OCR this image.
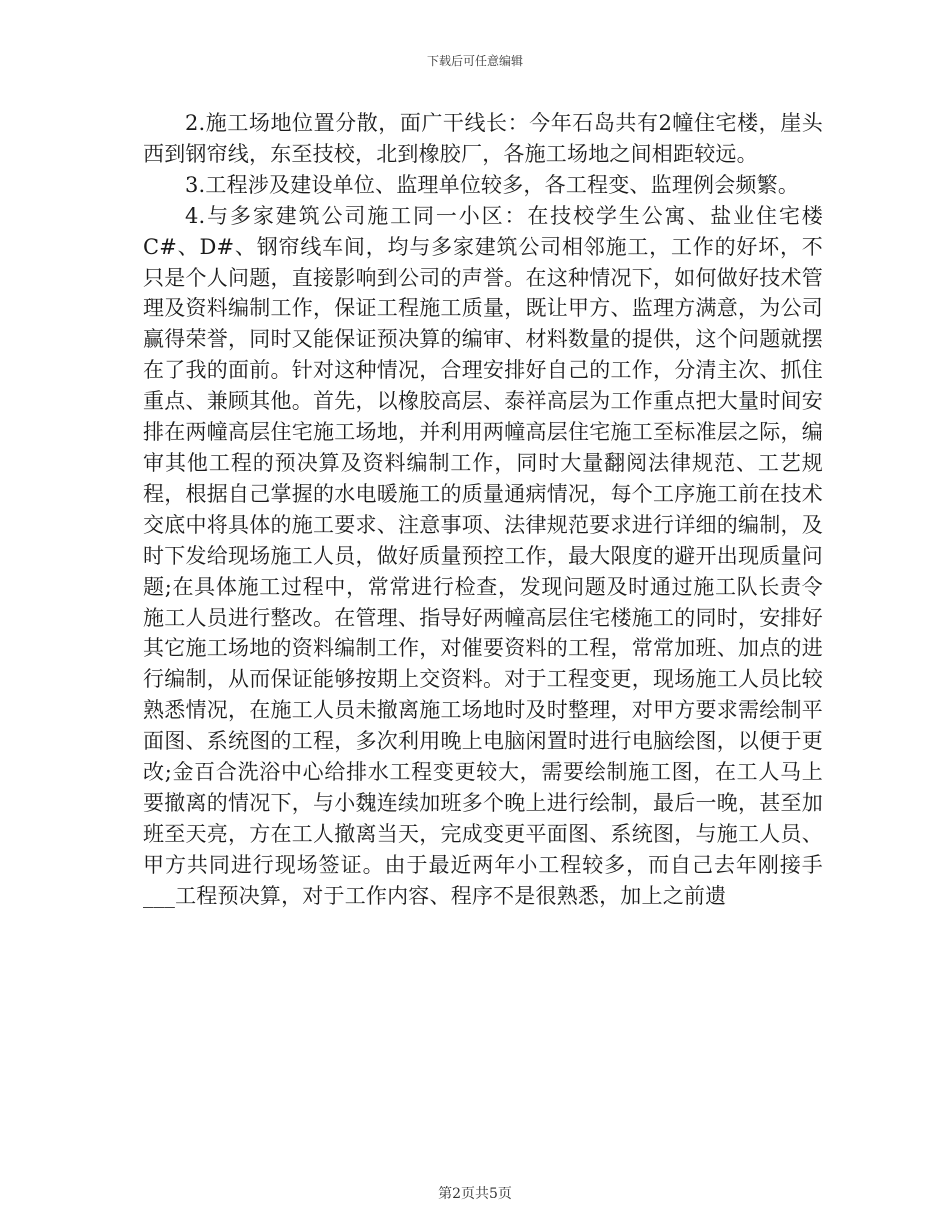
下载后可任意编辑

2.施工场地位置分散，面广干线长：今年石岛共有2幢住宅楼，崖头西到钢帘线，东至技校，北到橡胶厂，各施工场地之间相距较远。

3.工程涉及建设单位、监理单位较多，各工程变、监理例会频繁。

4.与多家建筑公司施工同一小区：在技校学生公寓、盐业住宅楼C#、D#、钢帘线车间，均与多家建筑公司相邻施工，工作的好坏，不只是个人问题，直接影响到公司的声誉。在这种情况下，如何做好技术管理及资料编制工作，保证工程施工质量，既让甲方、监理方满意，为公司赢得荣誉，同时又能保证预决算的编审、材料数量的提供，这个问题就摆在了我的面前。针对这种情况，合理安排好自己的工作，分清主次、抓住重点、兼顾其他。首先，以橡胶高层、泰祥高层为工作重点把大量时间安排在两幢高层住宅施工场地，并利用两幢高层住宅施工至标准层之际，编审其他工程的预决算及资料编制工作，同时大量翻阅法律规范、工艺规程，根据自己掌握的水电暖施工的质量通病情况，每个工序施工前在技术交底中将具体的施工要求、注意事项、法律规范要求进行详细的编制，及时下发给现场施工人员，做好质量预控工作，最大限度的避开出现质量问题;在具体施工过程中，常常进行检查，发现问题及时通过施工队长责令施工人员进行整改。在管理、指导好两幢高层住宅楼施工的同时，安排好其它施工场地的资料编制工作，对催要资料的工程，常常加班、加点的进行编制，从而保证能够按期上交资料。对于工程变更，现场施工人员比较熟悉情况，在施工人员未撤离施工场地时及时整理，对甲方要求需绘制平面图、系统图的工程，多次利用晚上电脑闲置时进行电脑绘图，以便于更改;金百合洗浴中心给排水工程变更较大，需要绘制施工图，在工人马上要撤离的情况下，与小魏连续加班多个晚上进行绘制，最后一晚，甚至加班至天亮，方在工人撤离当天，完成变更平面图、系统图，与施工人员、甲方共同进行现场签证。由于最近两年小工程较多，而自己去年刚接手___工程预决算，对于工作内容、程序不是很熟悉，加上之前遗

第2页共5页
